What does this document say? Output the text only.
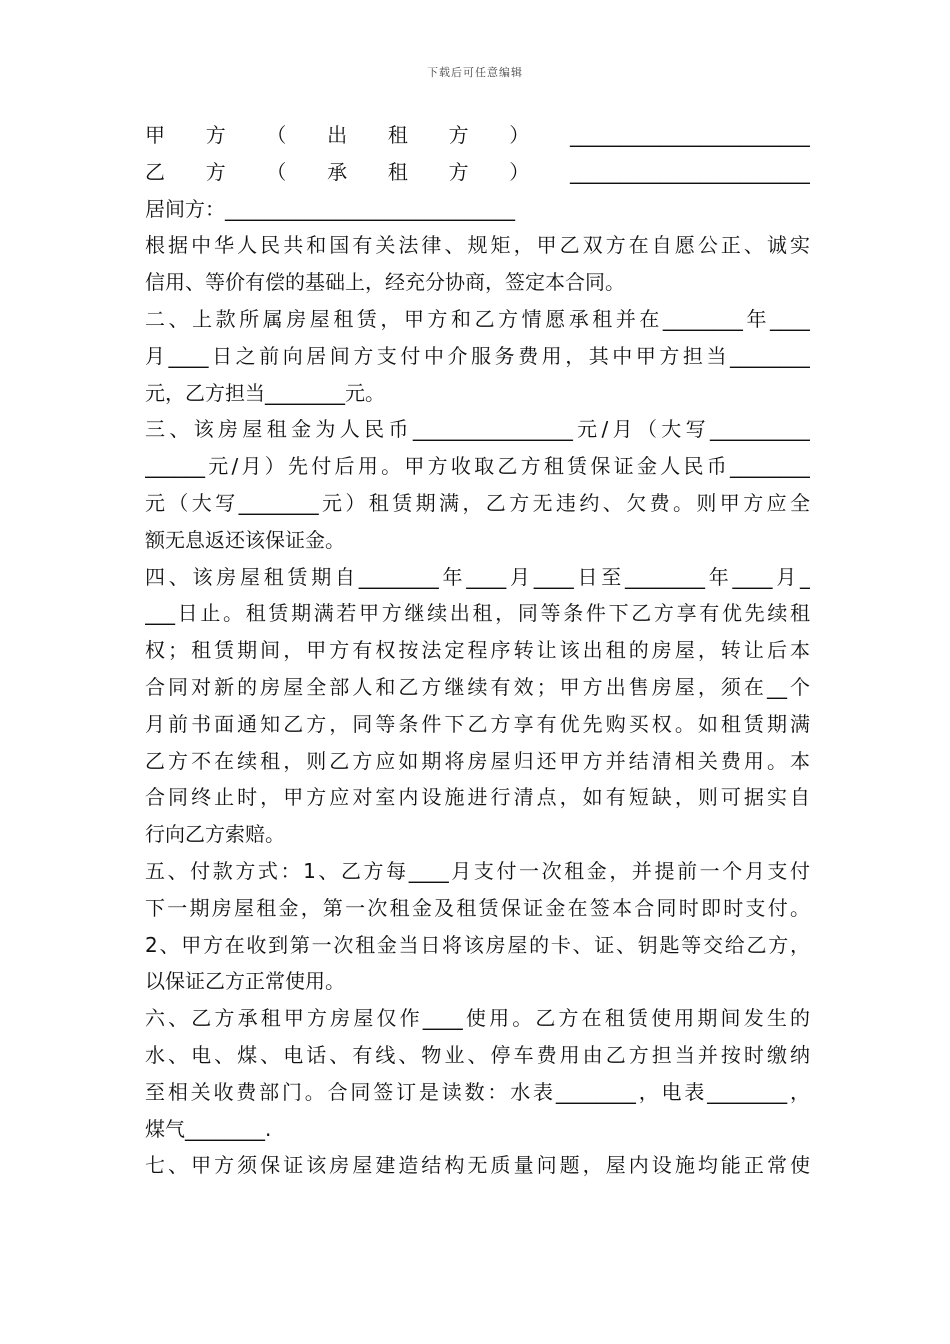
下载后可任意编辑
甲方（出租方）________________________
乙方（承租方）________________________
居间方：_____________________________
根据中华人民共和国有关法律、规矩，甲乙双方在自愿公正、诚实
信用、等价有偿的基础上，经充分协商，签定本合同。
二、上款所属房屋租赁，甲方和乙方情愿承租并在________年____
月____日之前向居间方支付中介服务费用，其中甲方担当________
元，乙方担当________元。
三、该房屋租金为人民币________________元/月（大写__________
______元/月）先付后用。甲方收取乙方租赁保证金人民币________
元（大写________元）租赁期满，乙方无违约、欠费。则甲方应全
额无息返还该保证金。
四、该房屋租赁期自________年____月____日至________年____月_
___日止。租赁期满若甲方继续出租，同等条件下乙方享有优先续租
权；租赁期间，甲方有权按法定程序转让该出租的房屋，转让后本
合同对新的房屋全部人和乙方继续有效；甲方出售房屋，须在__个
月前书面通知乙方，同等条件下乙方享有优先购买权。如租赁期满
乙方不在续租，则乙方应如期将房屋归还甲方并结清相关费用。本
合同终止时，甲方应对室内设施进行清点，如有短缺，则可据实自
行向乙方索赔。
五、付款方式：1、乙方每____月支付一次租金，并提前一个月支付
下一期房屋租金，第一次租金及租赁保证金在签本合同时即时支付。
2、甲方在收到第一次租金当日将该房屋的卡、证、钥匙等交给乙方，
以保证乙方正常使用。
六、乙方承租甲方房屋仅作____使用。乙方在租赁使用期间发生的
水、电、煤、电话、有线、物业、停车费用由乙方担当并按时缴纳
至相关收费部门。合同签订是读数：水表________，电表________，
煤气________.
七、甲方须保证该房屋建造结构无质量问题，屋内设施均能正常使
